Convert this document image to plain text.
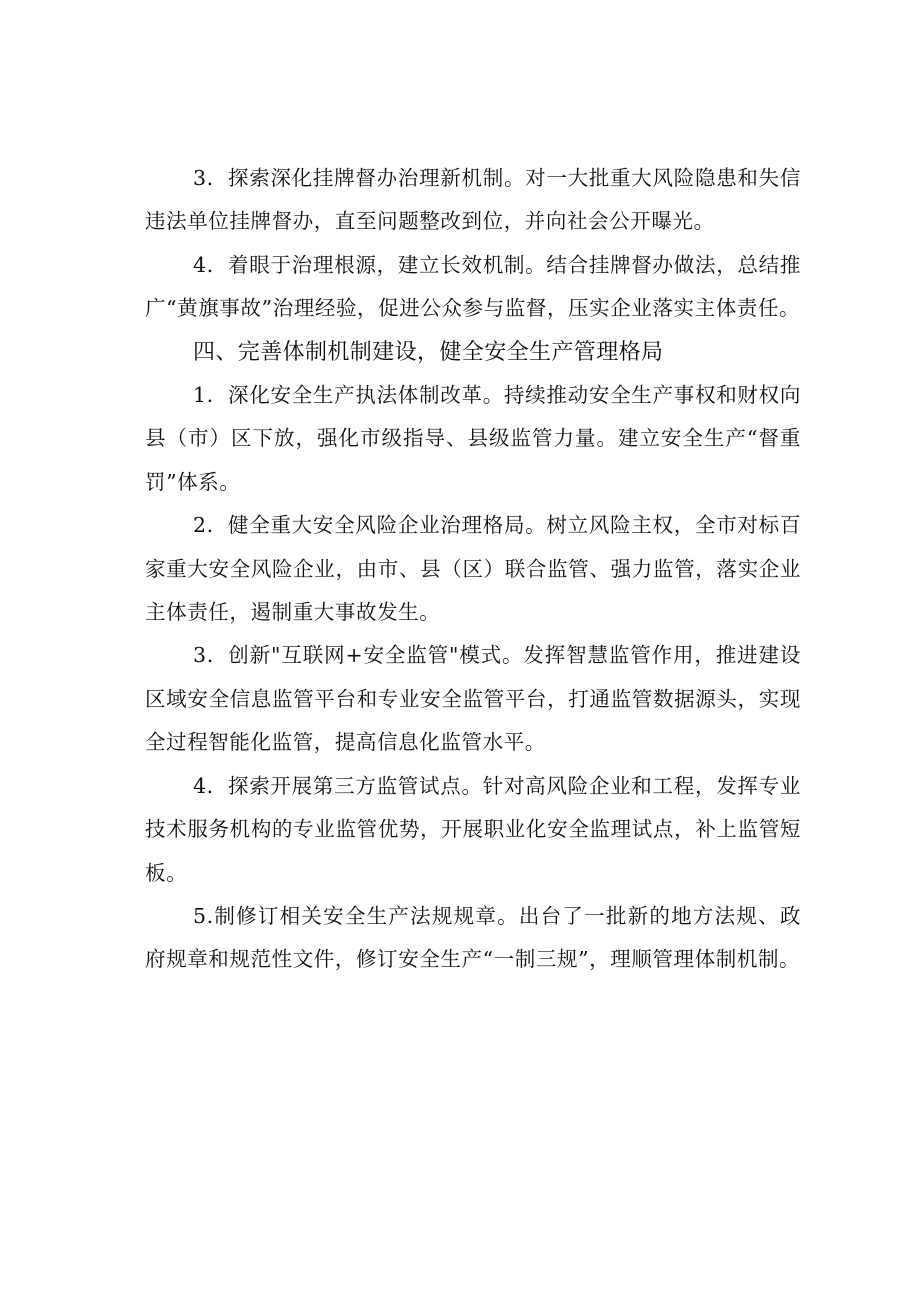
3．探索深化挂牌督办治理新机制。对一大批重大风险隐患和失信违法单位挂牌督办，直至问题整改到位，并向社会公开曝光。

4．着眼于治理根源，建立长效机制。结合挂牌督办做法，总结推广“黄旗事故”治理经验，促进公众参与监督，压实企业落实主体责任。

四、完善体制机制建设，健全安全生产管理格局

1．深化安全生产执法体制改革。持续推动安全生产事权和财权向县（市）区下放，强化市级指导、县级监管力量。建立安全生产“督重罚”体系。

2．健全重大安全风险企业治理格局。树立风险主权，全市对标百家重大安全风险企业，由市、县（区）联合监管、强力监管，落实企业主体责任，遏制重大事故发生。

3．创新"互联网+安全监管"模式。发挥智慧监管作用，推进建设区域安全信息监管平台和专业安全监管平台，打通监管数据源头，实现全过程智能化监管，提高信息化监管水平。

4．探索开展第三方监管试点。针对高风险企业和工程，发挥专业技术服务机构的专业监管优势，开展职业化安全监理试点，补上监管短板。

5.制修订相关安全生产法规规章。出台了一批新的地方法规、政府规章和规范性文件，修订安全生产“一制三规”，理顺管理体制机制。
